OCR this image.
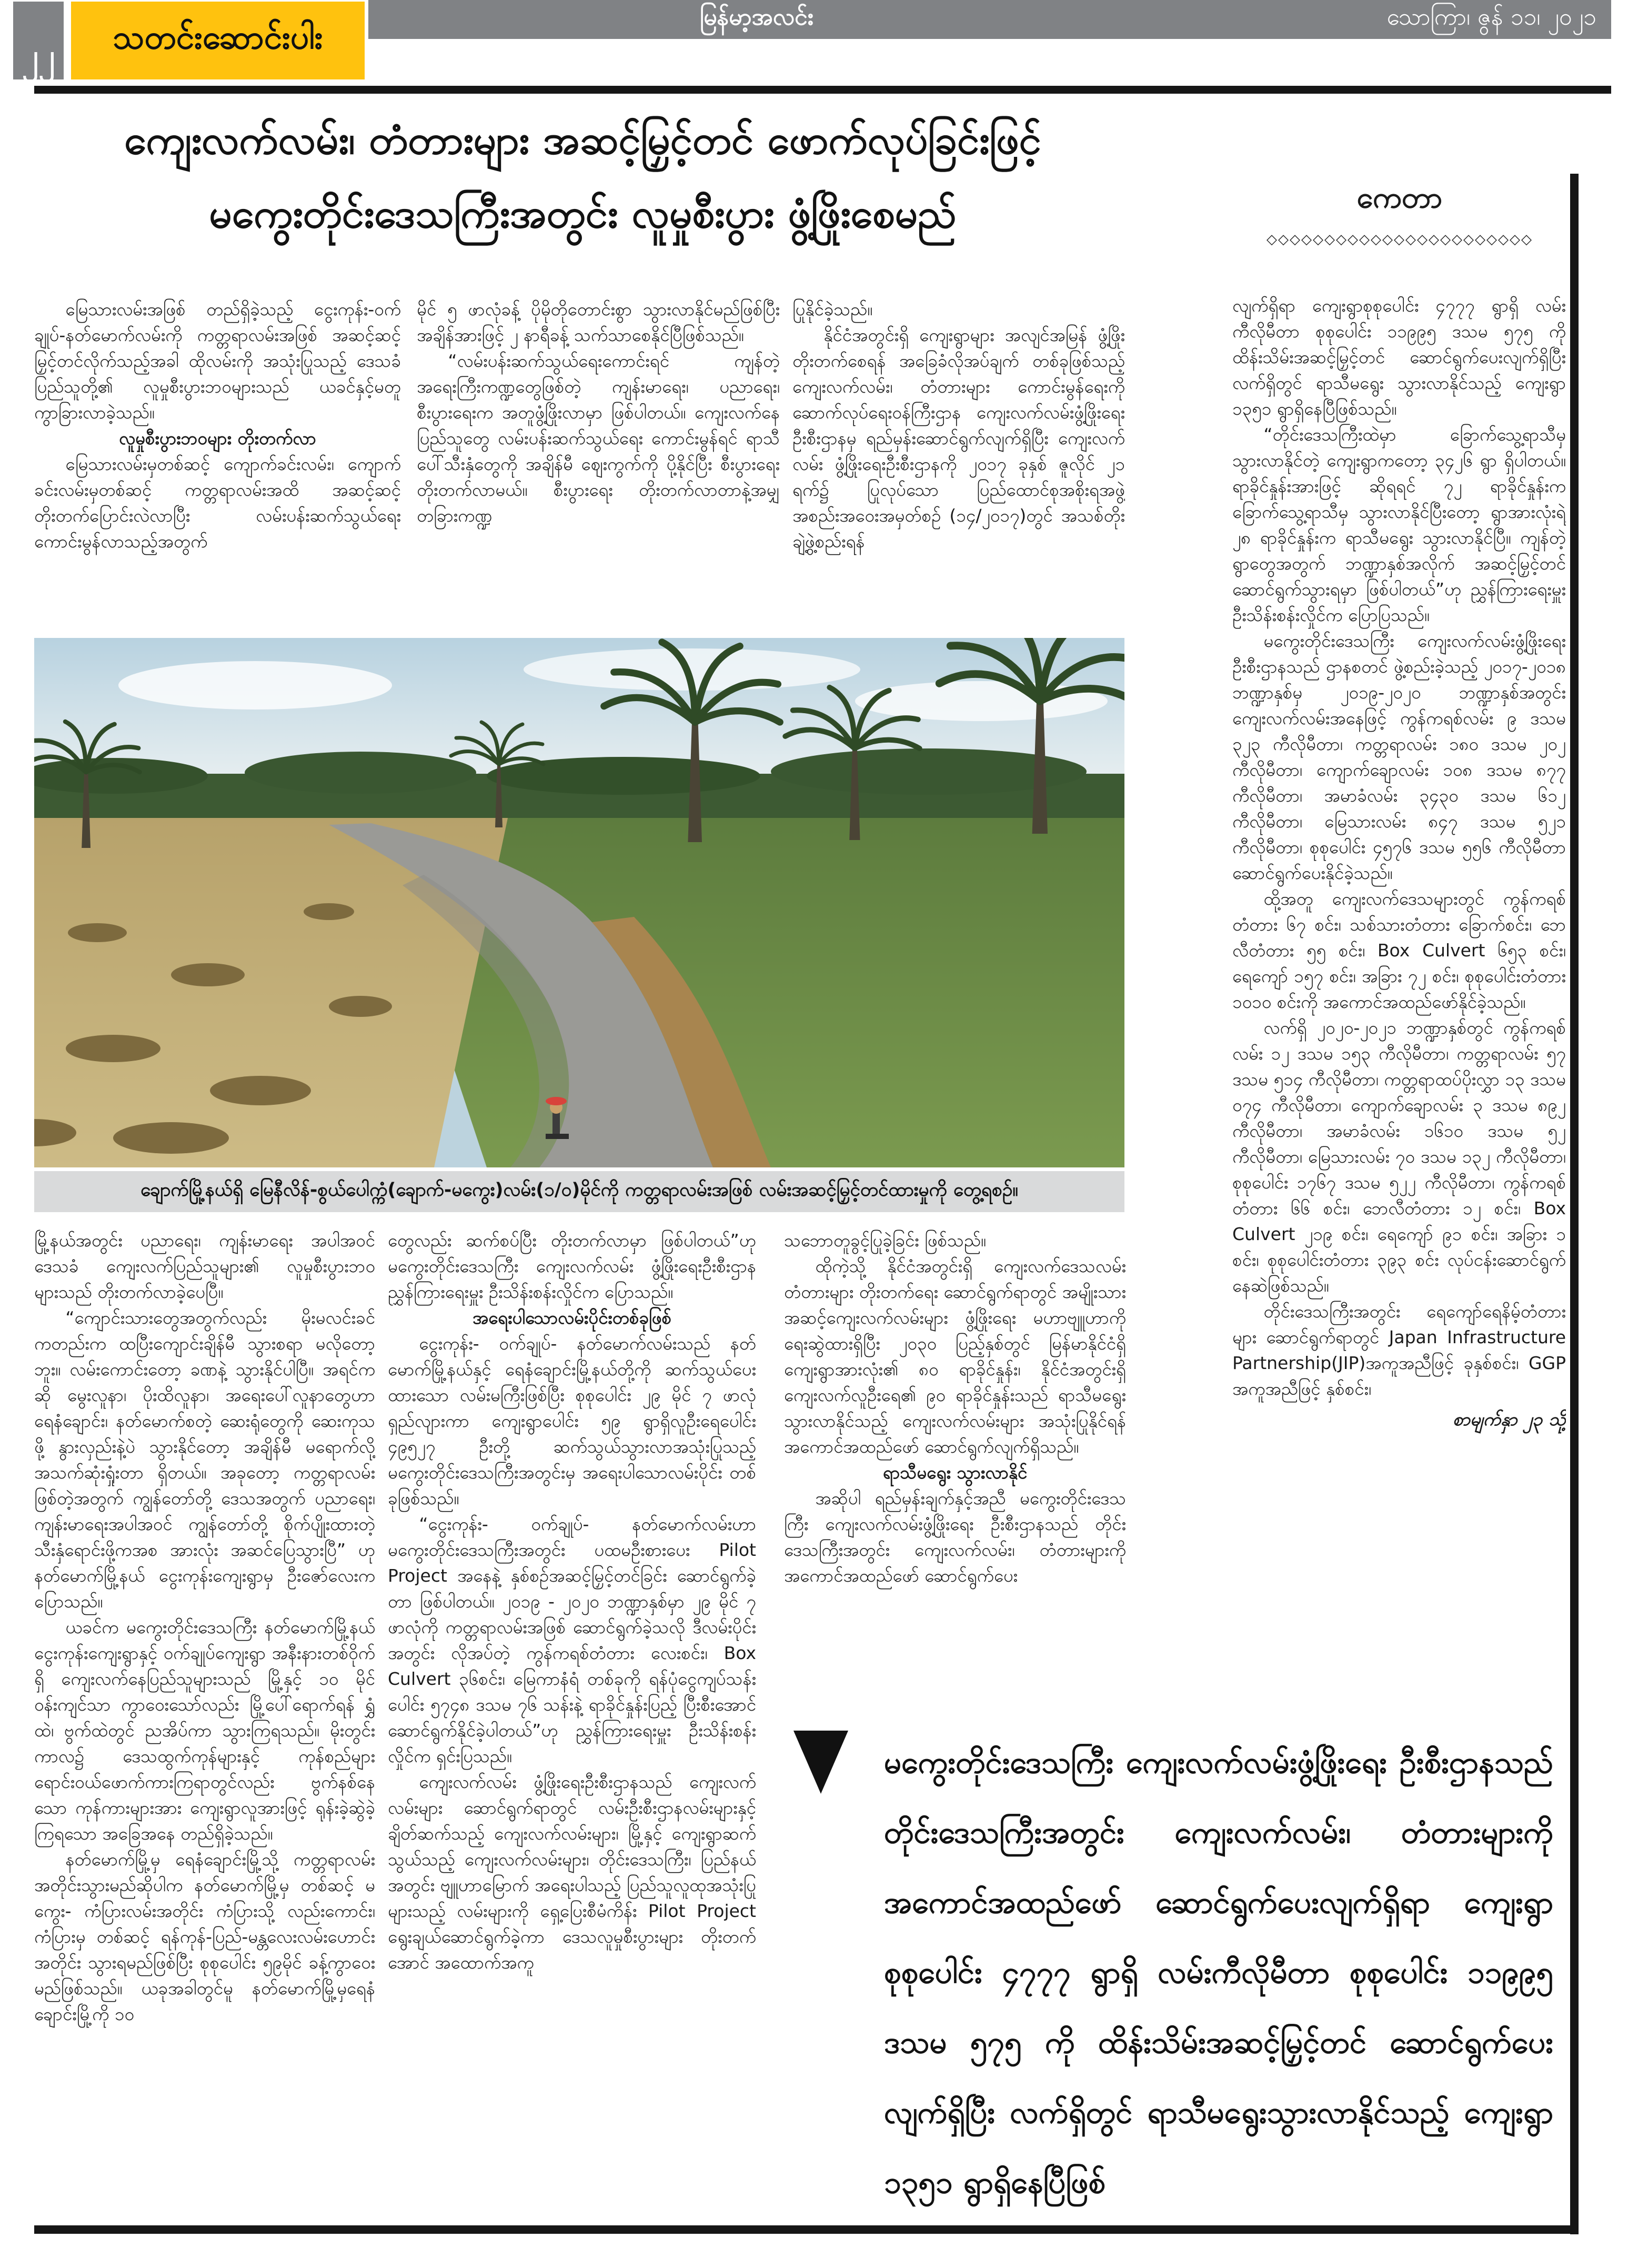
၂၂ သတင်းဆောင်းပါး
မြန်မာ့အလင်း	သောကြာ၊ ဇွန် ၁၁၊ ၂၀၂၁
ကျေးလက်လမ်း၊ တံတားများ အဆင့်မြှင့်တင် ဖောက်လုပ်ခြင်းဖြင့်
မကွေးတိုင်းဒေသကြီးအတွင်း လူမှုစီးပွား ဖွံ့ဖြိုးစေမည်	ကေတာ
◇◇◇◇◇◇◇◇◇◇◇◇◇◇◇◇◇◇◇◇◇◇◇

မြေသားလမ်းအဖြစ် တည်ရှိခဲ့သည့် ငွေးကုန်း-ဝက်ချုပ်-နတ်မောက်လမ်းကို ကတ္တရာလမ်းအဖြစ် အဆင့်ဆင့်မြှင့်တင်လိုက်သည့်အခါ ထိုလမ်းကို အသုံးပြုသည့် ဒေသခံပြည်သူတို့၏ လူမှုစီးပွားဘဝများသည် ယခင်နှင့်မတူ ကွာခြားလာခဲ့သည်။

လူမှုစီးပွားဘဝများ တိုးတက်လာ

မြေသားလမ်းမှတစ်ဆင့် ကျောက်ခင်းလမ်း၊ ကျောက်ခင်းလမ်းမှတစ်ဆင့် ကတ္တရာလမ်းအထိ အဆင့်ဆင့် တိုးတက်ပြောင်းလဲလာပြီး လမ်းပန်းဆက်သွယ်ရေး ကောင်းမွန်လာသည့်အတွက်

မိုင် ၅ ဖာလုံခန့် ပိုမိုတိုတောင်းစွာ သွားလာနိုင်မည်ဖြစ်ပြီး အချိန်အားဖြင့် ၂ နာရီခန့် သက်သာစေနိုင်ပြီဖြစ်သည်။

“လမ်းပန်းဆက်သွယ်ရေးကောင်းရင် ကျန်တဲ့ အရေးကြီးကဏ္ဍတွေဖြစ်တဲ့ ကျန်းမာရေး၊ ပညာရေး၊ စီးပွားရေးက အတူဖွံ့ဖြိုးလာမှာ ဖြစ်ပါတယ်။ ကျေးလက်နေပြည်သူတွေ လမ်းပန်းဆက်သွယ်ရေး ကောင်းမွန်ရင် ရာသီပေါ်သီးနှံတွေကို အချိန်မီ ဈေးကွက်ကို ပို့နိုင်ပြီး စီးပွားရေး တိုးတက်လာမယ်။ စီးပွားရေး တိုးတက်လာတာနဲ့အမျှ တခြားကဏ္ဍ

ပြုနိုင်ခဲ့သည်။

နိုင်ငံအတွင်းရှိ ကျေးရွာများ အလျင်အမြန် ဖွံ့ဖြိုးတိုးတက်စေရန် အခြေခံလိုအပ်ချက် တစ်ခုဖြစ်သည့် ကျေးလက်လမ်း၊ တံတားများ ကောင်းမွန်ရေးကို ဆောက်လုပ်ရေးဝန်ကြီးဌာန ကျေးလက်လမ်းဖွံ့ဖြိုးရေးဦးစီးဌာနမှ ရည်မှန်းဆောင်ရွက်လျက်ရှိပြီး ကျေးလက်လမ်း ဖွံ့ဖြိုးရေးဦးစီးဌာနကို ၂၀၁၇ ခုနှစ် ဇူလိုင် ၂၁ ရက်၌ ပြုလုပ်သော ပြည်ထောင်စုအစိုးရအဖွဲ့ အစည်းအဝေးအမှတ်စဉ် (၁၄/၂၀၁၇)တွင် အသစ်တိုးချဲ့ဖွဲ့စည်းရန်

လျက်ရှိရာ ကျေးရွာစုစုပေါင်း ၄၇၇၇ ရွာရှိ လမ်းကီလိုမီတာ စုစုပေါင်း ၁၁၉၉၅ ဒသမ ၅၇၅ ကို ထိန်းသိမ်းအဆင့်မြှင့်တင် ဆောင်ရွက်ပေးလျက်ရှိပြီး လက်ရှိတွင် ရာသီမရွေး သွားလာနိုင်သည့် ကျေးရွာ ၁၃၅၁ ရွာရှိနေပြီဖြစ်သည်။

“တိုင်းဒေသကြီးထဲမှာ ခြောက်သွေ့ရာသီမှ သွားလာနိုင်တဲ့ ကျေးရွာကတော့ ၃၄၂၆ ရွာ ရှိပါတယ်။ ရာခိုင်နှုန်းအားဖြင့် ဆိုရရင် ၇၂ ရာခိုင်နှုန်းက ခြောက်သွေ့ရာသီမှ သွားလာနိုင်ပြီးတော့ ရွာအားလုံးရဲ့ ၂၈ ရာခိုင်နှုန်းက ရာသီမရွေး သွားလာနိုင်ပြီ။ ကျန်တဲ့ ရွာတွေအတွက် ဘဏ္ဍာနှစ်အလိုက် အဆင့်မြှင့်တင် ဆောင်ရွက်သွားရမှာ ဖြစ်ပါတယ်”ဟု ညွှန်ကြားရေးမှူး ဦးသိန်းစန်းလှိုင်က ပြောပြသည်။

မကွေးတိုင်းဒေသကြီး ကျေးလက်လမ်းဖွံ့ဖြိုးရေးဦးစီးဌာနသည် ဌာနစတင် ဖွဲ့စည်းခဲ့သည့် ၂၀၁၇-၂၀၁၈ ဘဏ္ဍာနှစ်မှ ၂၀၁၉-၂၀၂၀ ဘဏ္ဍာနှစ်အတွင်း ကျေးလက်လမ်းအနေဖြင့် ကွန်ကရစ်လမ်း ၉ ဒသမ ၃၂၃ ကီလိုမီတာ၊ ကတ္တရာလမ်း ၁၈၀ ဒသမ ၂၀၂ ကီလိုမီတာ၊ ကျောက်ချောလမ်း ၁၀၈ ဒသမ ၈၇၇ ကီလိုမီတာ၊ အမာခံလမ်း ၃၄၃၀ ဒသမ ၆၁၂ ကီလိုမီတာ၊ မြေသားလမ်း ၈၄၇ ဒသမ ၅၂၁ ကီလိုမီတာ၊ စုစုပေါင်း ၄၅၇၆ ဒသမ ၅၅၆ ကီလိုမီတာ ဆောင်ရွက်ပေးနိုင်ခဲ့သည်။

ထို့အတူ ကျေးလက်ဒေသများတွင် ကွန်ကရစ်တံတား ၆၇ စင်း၊ သစ်သားတံတား ခြောက်စင်း၊ ဘေလီတံတား ၅၅ စင်း၊ Box Culvert ၆၅၃ စင်း၊ ရေကျော် ၁၅၇ စင်း၊ အခြား ၇၂ စင်း၊ စုစုပေါင်းတံတား ၁၀၁၀ စင်းကို အကောင်အထည်ဖော်နိုင်ခဲ့သည်။

လက်ရှိ ၂၀၂၀-၂၀၂၁ ဘဏ္ဍာနှစ်တွင် ကွန်ကရစ်လမ်း ၁၂ ဒသမ ၁၅၃ ကီလိုမီတာ၊ ကတ္တရာလမ်း ၅၇ ဒသမ ၅၁၄ ကီလိုမီတာ၊ ကတ္တရာထပ်ပိုးလွှာ ၁၃ ဒသမ ၀၇၄ ကီလိုမီတာ၊ ကျောက်ချောလမ်း ၃ ဒသမ ၈၉၂ ကီလိုမီတာ၊ အမာခံလမ်း ၁၆၁၀ ဒသမ ၅၂ ကီလိုမီတာ၊ မြေသားလမ်း ၇၀ ဒသမ ၁၃၂ ကီလိုမီတာ၊ စုစုပေါင်း ၁၇၆၇ ဒသမ ၅၂၂ ကီလိုမီတာ၊ ကွန်ကရစ်တံတား ၆၆ စင်း၊ ဘေလီတံတား ၁၂ စင်း၊ Box Culvert ၂၁၉ စင်း၊ ရေကျော် ၉၁ စင်း၊ အခြား ၁ စင်း၊ စုစုပေါင်းတံတား ၃၉၃ စင်း လုပ်ငန်းဆောင်ရွက်နေဆဲဖြစ်သည်။

တိုင်းဒေသကြီးအတွင်း ရေကျော်ရေနိမ့်တံတားများ ဆောင်ရွက်ရာတွင် Japan Infrastructure Partnership(JIP)အကူအညီဖြင့် ခုနှစ်စင်း၊ GGP အကူအညီဖြင့် နှစ်စင်း၊

စာမျက်နှာ ၂၃ သို့
ချောက်မြို့နယ်ရှိ မြေနီလိန်-စွယ်ပေါက္ကံ(ချောက်-မကွေး)လမ်း(၁/၀)မိုင်ကို ကတ္တရာလမ်းအဖြစ် လမ်းအဆင့်မြှင့်တင်ထားမှုကို တွေ့ရစဉ်။

မြို့နယ်အတွင်း ပညာရေး၊ ကျန်းမာရေး အပါအဝင် ဒေသခံ ကျေးလက်ပြည်သူများ၏ လူမှုစီးပွားဘဝများသည် တိုးတက်လာခဲ့ပေပြီ။

“ကျောင်းသားတွေအတွက်လည်း မိုးမလင်းခင် ကတည်းက ထပြီးကျောင်းချိန်မီ သွားစရာ မလိုတော့ဘူး။ လမ်းကောင်းတော့ ခဏနဲ့ သွားနိုင်ပါပြီ။ အရင်ကဆို မွေးလူနာ၊ ပိုးထိလူနာ၊ အရေးပေါ်လူနာတွေဟာ ရေနံချောင်း၊ နတ်မောက်စတဲ့ ဆေးရုံတွေကို ဆေးကုသဖို့ နွားလှည်းနဲ့ပဲ သွားနိုင်တော့ အချိန်မီ မရောက်လို့ အသက်ဆုံးရှုံးတာ ရှိတယ်။ အခုတော့ ကတ္တရာလမ်း ဖြစ်တဲ့အတွက် ကျွန်တော်တို့ ဒေသအတွက် ပညာရေး၊ ကျန်းမာရေးအပါအဝင် ကျွန်တော်တို့ စိုက်ပျိုးထားတဲ့ သီးနှံရောင်းဖို့ကအစ အားလုံး အဆင်ပြေသွားပြီ” ဟု နတ်မောက်မြို့နယ် ငွေးကုန်းကျေးရွာမှ ဦးဇော်လေးက ပြောသည်။

ယခင်က မကွေးတိုင်းဒေသကြီး နတ်မောက်မြို့နယ်ငွေးကုန်းကျေးရွာနှင့် ဝက်ချုပ်ကျေးရွာ အနီးနားတစ်ဝိုက်ရှိ ကျေးလက်နေပြည်သူများသည် မြို့နှင့် ၁၀ မိုင်ဝန်းကျင်သာ ကွာဝေးသော်လည်း မြို့ပေါ်ရောက်ရန် ရွှံ့ထဲ၊ ဗွက်ထဲတွင် ညအိပ်ကာ သွားကြရသည်။ မိုးတွင်းကာလ၌ ဒေသထွက်ကုန်များနှင့် ကုန်စည်များ ရောင်းဝယ်ဖောက်ကားကြရာတွင်လည်း ဗွက်နစ်နေသော ကုန်ကားများအား ကျေးရွာလူအားဖြင့် ရုန်းခဲ့ဆွဲခဲ့ကြရသော အခြေအနေ တည်ရှိခဲ့သည်။

နတ်မောက်မြို့မှ ရေနံချောင်းမြို့သို့ ကတ္တရာလမ်းအတိုင်းသွားမည်ဆိုပါက နတ်မောက်မြို့မှ တစ်ဆင့် မကွေး- ကံပြားလမ်းအတိုင်း ကံပြားသို့ လည်းကောင်း၊ ကံပြားမှ တစ်ဆင့် ရန်ကုန်-ပြည်-မန္တလေးလမ်းဟောင်းအတိုင်း သွားရမည်ဖြစ်ပြီး စုစုပေါင်း ၅၉မိုင် ခန့်ကွာဝေးမည်ဖြစ်သည်။ ယခုအခါတွင်မူ နတ်မောက်မြို့မှရေနံချောင်းမြို့ကို ၁၀

တွေလည်း ဆက်စပ်ပြီး တိုးတက်လာမှာ ဖြစ်ပါတယ်”ဟု မကွေးတိုင်းဒေသကြီး ကျေးလက်လမ်း ဖွံ့ဖြိုးရေးဦးစီးဌာန ညွှန်ကြားရေးမှူး ဦးသိန်းစန်းလှိုင်က ပြောသည်။

အရေးပါသောလမ်းပိုင်းတစ်ခုဖြစ်

ငွေးကုန်း- ဝက်ချုပ်- နတ်မောက်လမ်းသည် နတ်မောက်မြို့နယ်နှင့် ရေနံချောင်းမြို့နယ်တို့ကို ဆက်သွယ်ပေးထားသော လမ်းမကြီးဖြစ်ပြီး စုစုပေါင်း ၂၉ မိုင် ၇ ဖာလုံရှည်လျားကာ ကျေးရွာပေါင်း ၅၉ ရွာရှိလူဦးရေပေါင်း ၄၉၅၂၇ ဦးတို့ ဆက်သွယ်သွားလာအသုံးပြုသည့် မကွေးတိုင်းဒေသကြီးအတွင်းမှ အရေးပါသောလမ်းပိုင်း တစ်ခုဖြစ်သည်။

“ငွေးကုန်း- ဝက်ချုပ်- နတ်မောက်လမ်းဟာ မကွေးတိုင်းဒေသကြီးအတွင်း ပထမဦးစားပေး Pilot Project အနေနဲ့ နှစ်စဉ်အဆင့်မြှင့်တင်ခြင်း ဆောင်ရွက်ခဲ့တာ ဖြစ်ပါတယ်။ ၂၀၁၉ - ၂၀၂၀ ဘဏ္ဍာနှစ်မှာ ၂၉ မိုင် ၇ ဖာလုံကို ကတ္တရာလမ်းအဖြစ် ဆောင်ရွက်ခဲ့သလို ဒီလမ်းပိုင်းအတွင်း လိုအပ်တဲ့ ကွန်ကရစ်တံတား လေးစင်း၊ Box Culvert ၃၆စင်း၊ မြေကာနံရံ တစ်ခုကို ရန်ပုံငွေကျပ်သန်းပေါင်း ၅၇၄၈ ဒသမ ၇၆ သန်းနဲ့ ရာခိုင်နှုန်းပြည့် ပြီးစီးအောင် ဆောင်ရွက်နိုင်ခဲ့ပါတယ်”ဟု ညွှန်ကြားရေးမှူး ဦးသိန်းစန်းလှိုင်က ရှင်းပြသည်။

ကျေးလက်လမ်း ဖွံ့ဖြိုးရေးဦးစီးဌာနသည် ကျေးလက်လမ်းများ ဆောင်ရွက်ရာတွင် လမ်းဦးစီးဌာနလမ်းများနှင့် ချိတ်ဆက်သည့် ကျေးလက်လမ်းများ၊ မြို့နှင့် ကျေးရွာဆက်သွယ်သည့် ကျေးလက်လမ်းများ၊ တိုင်းဒေသကြီး၊ ပြည်နယ်အတွင်း ဗျူဟာမြောက် အရေးပါသည့် ပြည်သူလူထုအသုံးပြုများသည့် လမ်းများကို ရှေ့ပြေးစီမံကိန်း Pilot Project ရွေးချယ်ဆောင်ရွက်ခဲ့ကာ ဒေသလူမှုစီးပွားများ တိုးတက်အောင် အထောက်အကူ

သဘောတူခွင့်ပြုခဲ့ခြင်း ဖြစ်သည်။

ထိုကဲ့သို့ နိုင်ငံအတွင်းရှိ ကျေးလက်ဒေသလမ်း တံတားများ တိုးတက်ရေး ဆောင်ရွက်ရာတွင် အမျိုးသားအဆင့်ကျေးလက်လမ်းများ ဖွံ့ဖြိုးရေး မဟာဗျူဟာကို ရေးဆွဲထားရှိပြီး ၂၀၃၀ ပြည့်နှစ်တွင် မြန်မာနိုင်ငံရှိ ကျေးရွာအားလုံး၏ ၈၀ ရာခိုင်နှုန်း၊ နိုင်ငံအတွင်းရှိ ကျေးလက်လူဦးရေ၏ ၉၀ ရာခိုင်နှုန်းသည် ရာသီမရွေးသွားလာနိုင်သည့် ကျေးလက်လမ်းများ အသုံးပြုနိုင်ရန် အကောင်အထည်ဖော် ဆောင်ရွက်လျက်ရှိသည်။

ရာသီမရွေး သွားလာနိုင်

အဆိုပါ ရည်မှန်းချက်နှင့်အညီ မကွေးတိုင်းဒေသကြီး ကျေးလက်လမ်းဖွံ့ဖြိုးရေး ဦးစီးဌာနသည် တိုင်းဒေသကြီးအတွင်း ကျေးလက်လမ်း၊ တံတားများကို အကောင်အထည်ဖော် ဆောင်ရွက်ပေး

မကွေးတိုင်းဒေသကြီး ကျေးလက်လမ်းဖွံ့ဖြိုးရေး ဦးစီးဌာနသည်
တိုင်းဒေသကြီးအတွင်း ကျေးလက်လမ်း၊ တံတားများကို
အကောင်အထည်ဖော် ဆောင်ရွက်ပေးလျက်ရှိရာ ကျေးရွာ
စုစုပေါင်း ၄၇၇၇ ရွာရှိ လမ်းကီလိုမီတာ စုစုပေါင်း ၁၁၉၉၅
ဒသမ ၅၇၅ ကို ထိန်းသိမ်းအဆင့်မြှင့်တင် ဆောင်ရွက်ပေး
လျက်ရှိပြီး လက်ရှိတွင် ရာသီမရွေးသွားလာနိုင်သည့် ကျေးရွာ
၁၃၅၁ ရွာရှိနေပြီဖြစ်
